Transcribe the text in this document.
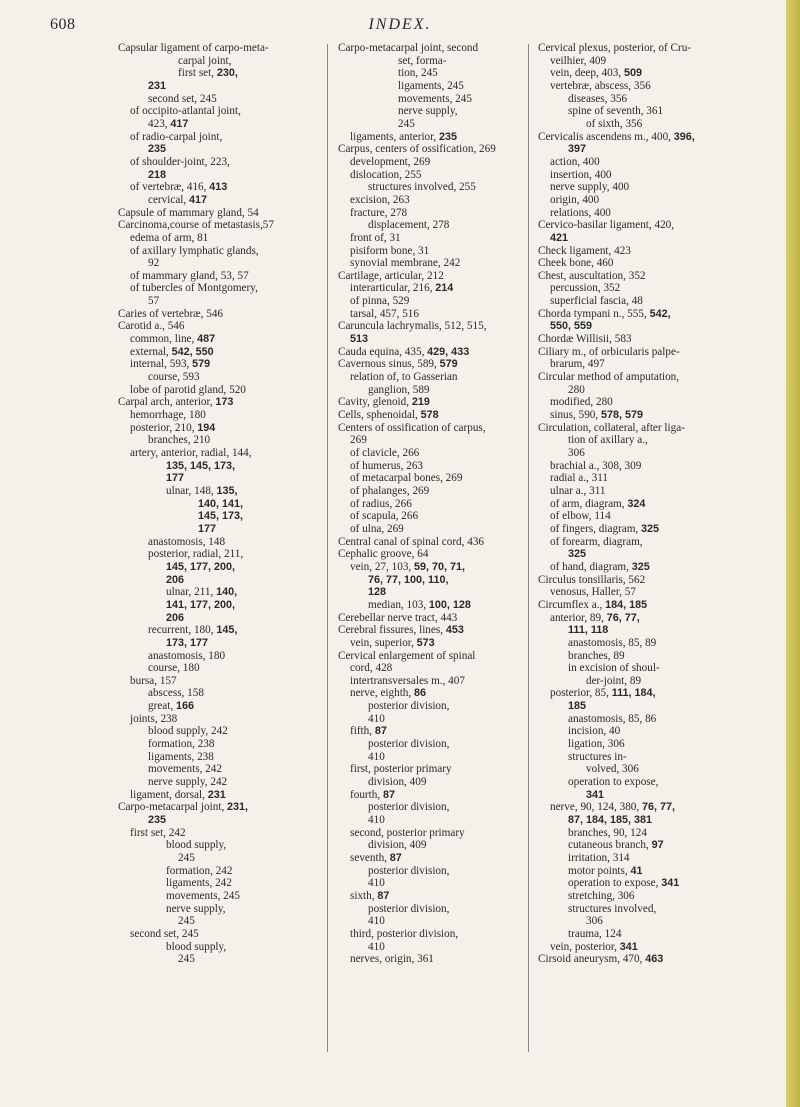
608	INDEX.
Capsular ligament of carpo-meta-
carpal joint,
first set, 230,
231
second set, 245
of occipito-atlantal joint,
423, 417
of radio-carpal joint,
235
of shoulder-joint, 223,
218
of vertebræ, 416, 413
cervical, 417
Capsule of mammary gland, 54
Carcinoma,course of metastasis,57
edema of arm, 81
of axillary lymphatic glands,
92
of mammary gland, 53, 57
of tubercles of Montgomery,
57
Caries of vertebræ, 546
Carotid a., 546
common, line, 487
external, 542, 550
internal, 593, 579
course, 593
lobe of parotid gland, 520
Carpal arch, anterior, 173
hemorrhage, 180
posterior, 210, 194
branches, 210
artery, anterior, radial, 144,
135, 145, 173,
177
ulnar, 148, 135,
140, 141,
145, 173,
177
anastomosis, 148
posterior, radial, 211,
145, 177, 200,
206
ulnar, 211, 140,
141, 177, 200,
206
recurrent, 180, 145,
173, 177
anastomosis, 180
course, 180
bursa, 157
abscess, 158
great, 166
joints, 238
blood supply, 242
formation, 238
ligaments, 238
movements, 242
nerve supply, 242
ligament, dorsal, 231
Carpo-metacarpal joint, 231,
235
first set, 242
blood supply,
245
formation, 242
ligaments, 242
movements, 245
nerve supply,
245
second set, 245
blood supply,
245
Carpo-metacarpal joint, second
set, forma-
tion, 245
ligaments, 245
movements, 245
nerve supply,
245
ligaments, anterior, 235
Carpus, centers of ossification, 269
development, 269
dislocation, 255
structures involved, 255
excision, 263
fracture, 278
displacement, 278
front of, 31
pisiform bone, 31
synovial membrane, 242
Cartilage, articular, 212
interarticular, 216, 214
of pinna, 529
tarsal, 457, 516
Caruncula lachrymalis, 512, 515,
513
Cauda equina, 435, 429, 433
Cavernous sinus, 589, 579
relation of, to Gasserian
ganglion, 589
Cavity, glenoid, 219
Cells, sphenoidal, 578
Centers of ossification of carpus,
269
of clavicle, 266
of humerus, 263
of metacarpal bones, 269
of phalanges, 269
of radius, 266
of scapula, 266
of ulna, 269
Central canal of spinal cord, 436
Cephalic groove, 64
vein, 27, 103, 59, 70, 71,
76, 77, 100, 110,
128
median, 103, 100, 128
Cerebellar nerve tract, 443
Cerebral fissures, lines, 453
vein, superior, 573
Cervical enlargement of spinal
cord, 428
intertransversales m., 407
nerve, eighth, 86
posterior division,
410
fifth, 87
posterior division,
410
first, posterior primary
division, 409
fourth, 87
posterior division,
410
second, posterior primary
division, 409
seventh, 87
posterior division,
410
sixth, 87
posterior division,
410
third, posterior division,
410
nerves, origin, 361
Cervical plexus, posterior, of Cru-
veilhier, 409
vein, deep, 403, 509
vertebræ, abscess, 356
diseases, 356
spine of seventh, 361
of sixth, 356
Cervicalis ascendens m., 400, 396,
397
action, 400
insertion, 400
nerve supply, 400
origin, 400
relations, 400
Cervico-basilar ligament, 420,
421
Check ligament, 423
Cheek bone, 460
Chest, auscultation, 352
percussion, 352
superficial fascia, 48
Chorda tympani n., 555, 542,
550, 559
Chordæ Willisii, 583
Ciliary m., of orbicularis palpe-
brarum, 497
Circular method of amputation,
280
modified, 280
sinus, 590, 578, 579
Circulation, collateral, after liga-
tion of axillary a.,
306
brachial a., 308, 309
radial a., 311
ulnar a., 311
of arm, diagram, 324
of elbow, 114
of fingers, diagram, 325
of forearm, diagram,
325
of hand, diagram, 325
Circulus tonsillaris, 562
venosus, Haller, 57
Circumflex a., 184, 185
anterior, 89, 76, 77,
111, 118
anastomosis, 85, 89
branches, 89
in excision of shoul-
der-joint, 89
posterior, 85, 111, 184,
185
anastomosis, 85, 86
incision, 40
ligation, 306
structures in-
volved, 306
operation to expose,
341
nerve, 90, 124, 380, 76, 77,
87, 184, 185, 381
branches, 90, 124
cutaneous branch, 97
irritation, 314
motor points, 41
operation to expose, 341
stretching, 306
structures involved,
306
trauma, 124
vein, posterior, 341
Cirsoid aneurysm, 470, 463
